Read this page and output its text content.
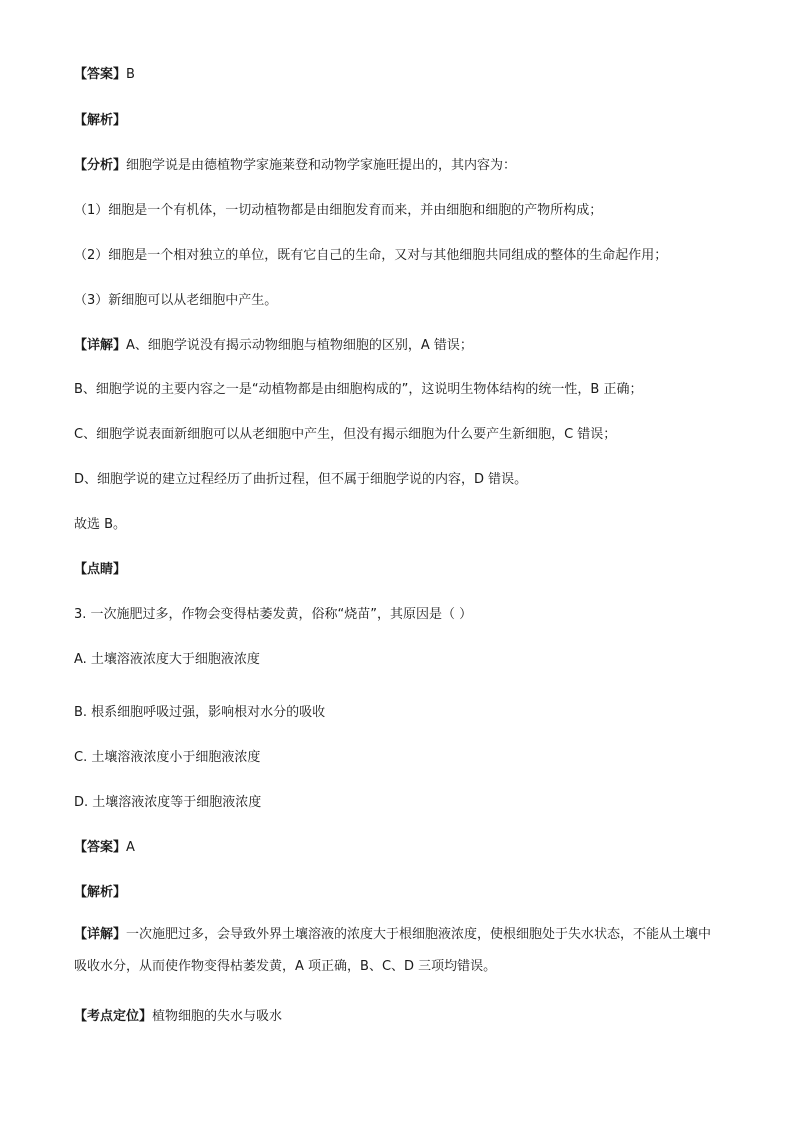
【答案】B
【解析】
【分析】细胞学说是由德植物学家施莱登和动物学家施旺提出的，其内容为：
（1）细胞是一个有机体，一切动植物都是由细胞发育而来，并由细胞和细胞的产物所构成；
（2）细胞是一个相对独立的单位，既有它自己的生命，又对与其他细胞共同组成的整体的生命起作用；
（3）新细胞可以从老细胞中产生。
【详解】A、细胞学说没有揭示动物细胞与植物细胞的区别，A 错误；
B、细胞学说的主要内容之一是“动植物都是由细胞构成的”，这说明生物体结构的统一性，B 正确；
C、细胞学说表面新细胞可以从老细胞中产生，但没有揭示细胞为什么要产生新细胞，C 错误；
D、细胞学说的建立过程经历了曲折过程，但不属于细胞学说的内容，D 错误。
故选 B。
【点睛】
3. 一次施肥过多，作物会变得枯萎发黄，俗称“烧苗”，其原因是（ ）
A. 土壤溶液浓度大于细胞液浓度
B. 根系细胞呼吸过强，影响根对水分的吸收
C. 土壤溶液浓度小于细胞液浓度
D. 土壤溶液浓度等于细胞液浓度
【答案】A
【解析】
【详解】一次施肥过多，会导致外界土壤溶液的浓度大于根细胞液浓度，使根细胞处于失水状态，不能从土壤中吸收水分，从而使作物变得枯萎发黄，A 项正确，B、C、D 三项均错误。
【考点定位】植物细胞的失水与吸水
